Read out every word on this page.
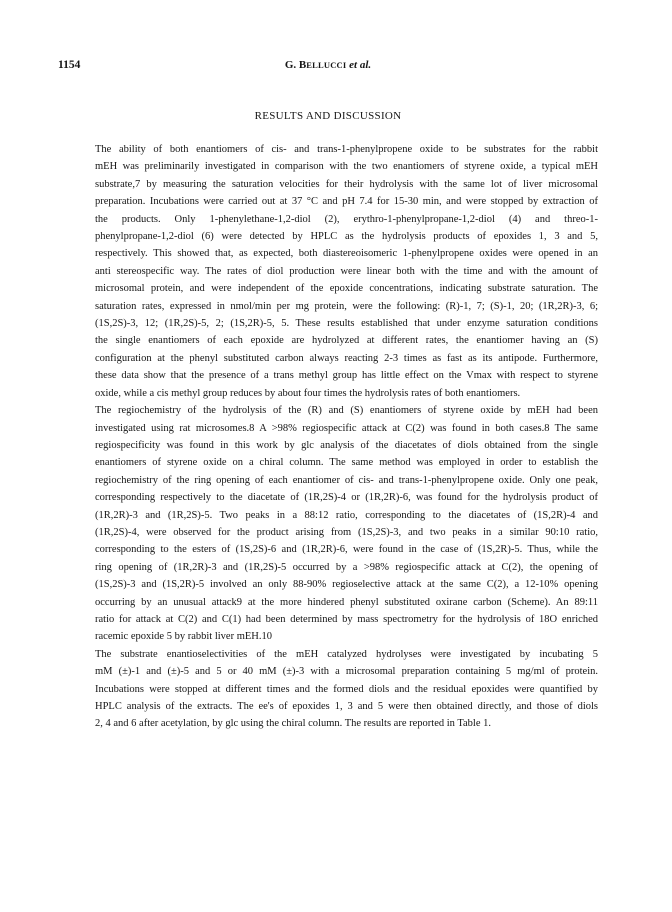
1154	G. BELLUCCI et al.
RESULTS AND DISCUSSION

The ability of both enantiomers of cis- and trans-1-phenylpropene oxide to be substrates for the rabbit
mEH was preliminarily investigated in comparison with the two enantiomers of styrene oxide, a typical mEH
substrate,7 by measuring the saturation velocities for their hydrolysis with the same lot of liver microsomal
preparation. Incubations were carried out at 37 °C and pH 7.4 for 15-30 min, and were stopped by extraction of
the products. Only 1-phenylethane-1,2-diol (2), erythro-1-phenylpropane-1,2-diol (4) and threo-1-
phenylpropane-1,2-diol (6) were detected by HPLC as the hydrolysis products of epoxides 1, 3 and 5,
respectively. This showed that, as expected, both diastereoisomeric 1-phenylpropene oxides were opened in an
anti stereospecific way. The rates of diol production were linear both with the time and with the amount of
microsomal protein, and were independent of the epoxide concentrations, indicating substrate saturation. The
saturation rates, expressed in nmol/min per mg protein, were the following: (R)-1, 7; (S)-1, 20; (1R,2R)-3, 6;
(1S,2S)-3, 12; (1R,2S)-5, 2; (1S,2R)-5, 5. These results established that under enzyme saturation conditions
the single enantiomers of each epoxide are hydrolyzed at different rates, the enantiomer having an (S)
configuration at the phenyl substituted carbon always reacting 2-3 times as fast as its antipode. Furthermore,
these data show that the presence of a trans methyl group has little effect on the Vmax with respect to styrene
oxide, while a cis methyl group reduces by about four times the hydrolysis rates of both enantiomers.

The regiochemistry of the hydrolysis of the (R) and (S) enantiomers of styrene oxide by mEH had been
investigated using rat microsomes.8 A >98% regiospecific attack at C(2) was found in both cases.8 The same
regiospecificity was found in this work by glc analysis of the diacetates of diols obtained from the single
enantiomers of styrene oxide on a chiral column. The same method was employed in order to establish the
regiochemistry of the ring opening of each enantiomer of cis- and trans-1-phenylpropene oxide. Only one peak,
corresponding respectively to the diacetate of (1R,2S)-4 or (1R,2R)-6, was found for the hydrolysis product of
(1R,2R)-3 and (1R,2S)-5. Two peaks in a 88:12 ratio, corresponding to the diacetates of (1S,2R)-4 and
(1R,2S)-4, were observed for the product arising from (1S,2S)-3, and two peaks in a similar 90:10 ratio,
corresponding to the esters of (1S,2S)-6 and (1R,2R)-6, were found in the case of (1S,2R)-5. Thus, while the
ring opening of (1R,2R)-3 and (1R,2S)-5 occurred by a >98% regiospecific attack at C(2), the opening of
(1S,2S)-3 and (1S,2R)-5 involved an only 88-90% regioselective attack at the same C(2), a 12-10% opening
occurring by an unusual attack9 at the more hindered phenyl substituted oxirane carbon (Scheme). An 89:11
ratio for attack at C(2) and C(1) had been determined by mass spectrometry for the hydrolysis of 18O enriched
racemic epoxide 5 by rabbit liver mEH.10

The substrate enantioselectivities of the mEH catalyzed hydrolyses were investigated by incubating 5
mM (±)-1 and (±)-5 and 5 or 40 mM (±)-3 with a microsomal preparation containing 5 mg/ml of protein.
Incubations were stopped at different times and the formed diols and the residual epoxides were quantified by
HPLC analysis of the extracts. The ee's of epoxides 1, 3 and 5 were then obtained directly, and those of diols
2, 4 and 6 after acetylation, by glc using the chiral column. The results are reported in Table 1.
